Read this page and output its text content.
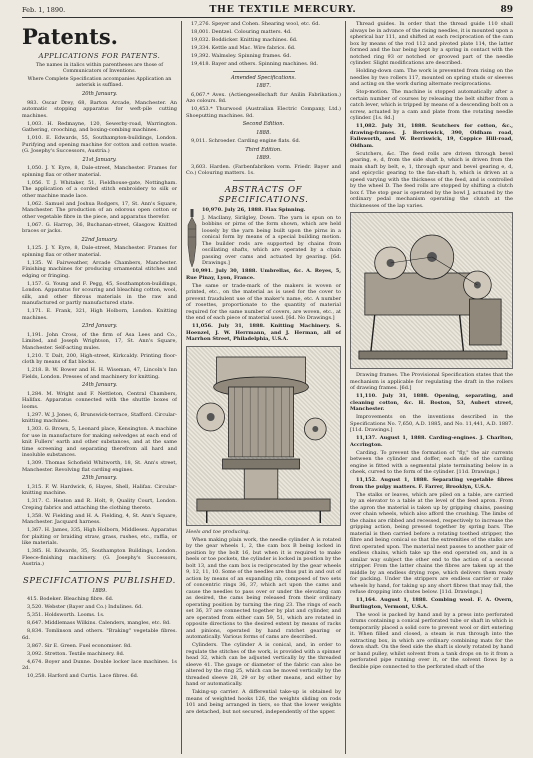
Feb. 1, 1890.	THE TEXTILE MERCURY.	89
Patents.
APPLICATIONS FOR PATENTS.
The names in italics within parentheses are those of Communicators of Inventions.
Where Complete Specification accompanies Application an asterisk is suffixed.
20th January.

983. Oscar Drey, 68, Barton Arcade, Manchester. An automatic stopping apparatus for weft-pile cutting machines.

1,003. H. Redmayne, 120, Sewerby-road, Warrington. Gathering, crooching, and boxing-combing machines.

1,010. E. Edwards, 55, Southampton-buildings, London. Purifying and opening machine for cotton and cotton waste. (G. Josephy's Successors, Austria.)

21st January.

1,050. J. Y. Eyre, 8, Dale-street, Manchester. Frames for spinning flax or other material.

1,056. T. J. Whitaker, 51, Fieldhouse-gate, Nottingham. The application of a corded stitch embroidery to silk or other machine made lace.

1,062. Samuel and Joshua Rodgers, 17, St. Ann's Square, Manchester. The production of an odorous open cotton or other vegetable fibre in the piece, and apparatus therefor.

1,067. G. Harrop, 36, Buchanan-street, Glasgow. Knitted braces or jacks.

22nd January.

1,125. J. Y. Eyre, 8, Dale-street, Manchester. Frames for spinning flax or other material.

1,135. W. Fairweather, Arcade Chambers, Manchester. Finishing machines for producing ornamental stitches and edging or fringing.

1,157. G. Young and F. Pegg, 45, Southampton-buildings, London. Apparatus for scouring and bleaching cotton, wool, silk, and other fibrous materials in the raw and manufactured or partly manufactured state.

1,171. E. Frank, 321, High Holborn, London. Knitting machines.

23rd January.

1,191. John Cross, of the firm of Asa Lees and Co., Limited, and Joseph Wrightson, 17, St. Ann's Square, Manchester. Self-acting mules.

1,210. T. Dalt, 200, High-street, Kirkcaldy. Printing floor-cloth by means of flat blocks.

1,218. B. W. Bower and H. H. Wiseman, 47, Lincoln's Inn Fields, London. Presses of and machinery for knitting.

24th January.

1,284. M. Wright and F. Nettleton, Central Chambers, Halifax. Apparatus connected with the shuttle boxes of looms.

1,297. W. J. Jones, 6, Brunswick-terrace, Stafford. Circular-knitting machines.

1,303. G. Brown, 5, Leonard place, Kensington. A machine for use in manufacture for making selvedges at each end of knit Fullers' earth and other substances, and at the same time screening and separating therefrom all hard and insoluble substances.

1,309. Thomas Schofield Whitworth, 18, St. Ann's street, Manchester. Revolving flat carding engines.

25th January.

1,315. F. W. Hardwick, 6, Hayes, Shell, Halifax. Circular-knitting machine.

1,317. C. Heaton and R. Holt, 9, Quality Court, London. Creping fabrics and attaching the clothing thereto.

1,358. W. Fielding and H. A. Fielding, 4, St. Ann's Square, Manchester. Jacquard harness.

1,367. H. James, 335, High Holborn, Middlesex. Apparatus for plaiting or braiding straw, grass, rushes, etc., raffia, or like materials.

1,385. H. Edwards, 35, Southampton Buildings, London. Fleece-finishing machinery. (G. Josephy's Successors, Austria.)

SPECIFICATIONS PUBLISHED.
1889.

415. Bodeker. Bleaching fibre. 6d.

3,520. Webster (Bayer and Co.) Indulines. 6d.

5,351. Holdsworth. Looms. 1s.

8,647. Middlemass Wilkins. Calenders, mangles, etc. 8d.

8,834. Tomlinson and others. "Braking" vegetable fibres. 6d.

3,867. Sir E. Green. Fuel economiser. 8d.

3,092. Stretton. Textile machinery. 8d.

4,674. Boyer and Dunne. Double locker lace machines. 1s 2d.

10,258. Harford and Curtis. Lace fibres. 6d.

17,276. Speyer and Cohen. Shearing wool, etc. 6d.

18,001. Dentzel. Colouring matters. 4d.

19,032. Boddicker. Knitting machines. 6d.

19,334. Kettle and Mac. Wire fabrics. 6d.

19,392. Walmsley. Spinning frames. 6d.

19,418. Bayer and others. Spinning machines. 8d.

Amended Specifications.
1887.

6,067.* Avex. (Actiengesellschaft fur Anilin Fabrikation.) Azo colours. 8d.

10,453.* Thurwood (Australian Electric Company, Ltd.) Shoeputting machines. 8d.

Second Edition.
1888.

9,011. Schroeder. Carding engine flats. 6d.

Third Edition.
1889.

3,603. Harden. (Farbenfabriken vorm. Friedr. Bayer and Co.) Colouring matters. 1s.

ABSTRACTS OF SPECIFICATIONS.

10,970. July 26, 1888. Flax Spinning.

J. Macllany, Sirilgley, Down. The yarn is spun on to bobbins or pirns of the form shown, which are held loosely by the yarn being built upon the pirns in a conical form by means of a special building motion. The builder rods are supported by chains from oscillating shafts, which are operated by a chain passing over cams and actuated by gearing. [6d. Drawings.]

10,991. July 30, 1888. Umbrellas, &c. A. Reyes, 5, Rue Pinay, Lyon, France.

The same or trade-mark of the makers is woven or printed, etc., on the material as is used for the cover to prevent fraudulent use of the maker's name, etc. A number of rosettes, proportionate to the quantity of material required for the same number of covers, are woven, etc., at the end of each piece of material used. [6d. No Drawings.]

11,056. July 31, 1888. Knitting Machinery. S. Hoenzel, J. W. Herrmann, and J. Herman, all of Marrhon Street, Philadelphia, U.S.A.

Heels and toe producing.

When making plain work, the needle cylinder A is rotated by the gear wheels 1, 2, the cam box B being locked in position by the bolt 16, but when it is required to make heels or toe pockets, the cylinder is locked in position by the bolt 13, and the cam box is reciprocated by the gear wheels 9, 12, 11, 10. Some of the needles are thus put in and out of action by means of an expanding rib, composed of two sets of concentric rings 36, 37, which act upon the cams and cause the needles to pass over or under the elevating cam as desired, the cams being released from their ordinary operating position by turning the ring 23. The rings of each set 36, 37 are connected together by plat and cylinder, and are operated from either cam 59, 51, which are rotated in opposite directions to the desired extent by means of racks and pinions, operated by hand ratchet gearing or automatically. Various forms of cams are described.

Cylinders. The cylinder A is conical, and, in order to regulate the stitches of the work, is provided with a spinner head 32, which can be adjusted vertically by the threaded sleeve 41. The gauge or diameter of the fabric can also be altered by the ring 25, which can be moved vertically by the threaded sleeve 28, 29 or by other means, and either by hand or automatically.

Taking-up carrier. A differential take-up is obtained by means of weighted hooks 126, the weights sliding on rods 101 and being arranged in tiers, so that the lower weights are detached, but not secured, independently of the upper.

Thread guides. In order that the thread guide 110 shall always be in advance of the rising needles, it is mounted upon a spherical bar 111, and shifted at each reciprocation of the cam box by means of the rod 112 and pivoted plate 114, the latter formed and the bar being kept by a spring in contact with the notched ring 93 or notched or grooved part of the needle cylinder. Slight modifications are described.

Holding-down cam. The work is prevented from rising on the needles by two rollers 117, mounted on spring studs or sleeves and acting on the work during alternate reciprocations.

Stop-motion. The machine is stopped automatically after a certain number of courses by releasing the belt shifter from a catch lever, which is tripped by means of a descending bolt on a screw, actuated by a cam and plate from the rotating needle cylinder. [1s. 8d.]

11,082. July 31, 1888. Scutchers for cotton, &c., drawing-frames. J. Berriswick, 390, Oldham road, Failsworth, and W. Berriswick, 19, Coppice Hill-road, Oldham.

Scutchers, &c. The feed rolls are driven through bevel gearing, e, d, from the side shaft b, which is driven from the main shaft by belt, e, 1, through spur and bevel gearing e, d, and epicyclic gearing to the fan-shaft h, which is driven at a speed varying with the thickness of the feed, and is controlled by the wheel D. The feed rolls are stopped by shifting a clutch box f. The stop gear is operated by the bowl J, actuated by the ordinary pedal mechanism operating the clutch at the thicknesses of the lap varies.

Drawing frames. The Provisional Specification states that the mechanism is applicable for regulating the draft in the rollers of drawing frames. [6d.]

11,110. July 31, 1888. Opening, separating, and cleaning cotton, &c. H. Boston, 53, Aubert street, Manchester.

Improvements on the inventions described in the Specifications No. 7,650, A.D. 1885, and No. 11,441, A.D. 1887. [11d. Drawings.]

11,137. August 1, 1888. Carding-engines. J. Charlton, Accrington.

Carding. To prevent the formation of "fly," the air currents between the cylinder and doffer, each side of the carding engine is fitted with a segmental plate terminating below in a cheek, curved to the form of the cylinder. [11d. Drawings.]

11,152. August 1, 1888. Separating vegetable fibres from the pulpy matters. F. Farrer, Brooklyn, U.S.A.

The stalks or leaves, which are piled on a table, are carried by an elevator to a table at the level of the feed apron. From the apron the material is taken up by gripping chains, passing over chain wheels, which also afford the crushing. The limbs of the chains are ribbed and recessed, respectively to increase the gripping action, being pressed together by spring bars. The material is then carried before a rotating toothed stripper, the fibre and being conical so that the extremities of the stalks are first operated upon. The material next passes to another pair of endless chains, which take up the end operated on, and in a similar way subject the other end to the action of a second stripper. From the latter chains the fibres are taken up at the middle by an endless drying rope, which delivers them ready for packing. Under the strippers are endless carrier or rake wheels by hand, for taking up any short fibres that may fall, the refuse dropping into chutes below. [11d. Drawings.]

11,164. August 1, 1888. Combing wool. F. A. Overn, Burlington, Vermont, U.S.A.

The wool is packed by hand and by a press into perforated drums containing a conical perforated tube or shaft in which is temporarily placed a solid core to prevent wool or dirt entering it. When filled and closed, a steam is run through into the extracting box, in which are ordinary combining mats for the down shaft. On the feed side the shaft is slowly rotated by hand or band pulley, whilst solvent from a tank drops on to it from a perforated pipe running over it, or the solvent flows by a flexible pipe connected to the perforated shaft of the
